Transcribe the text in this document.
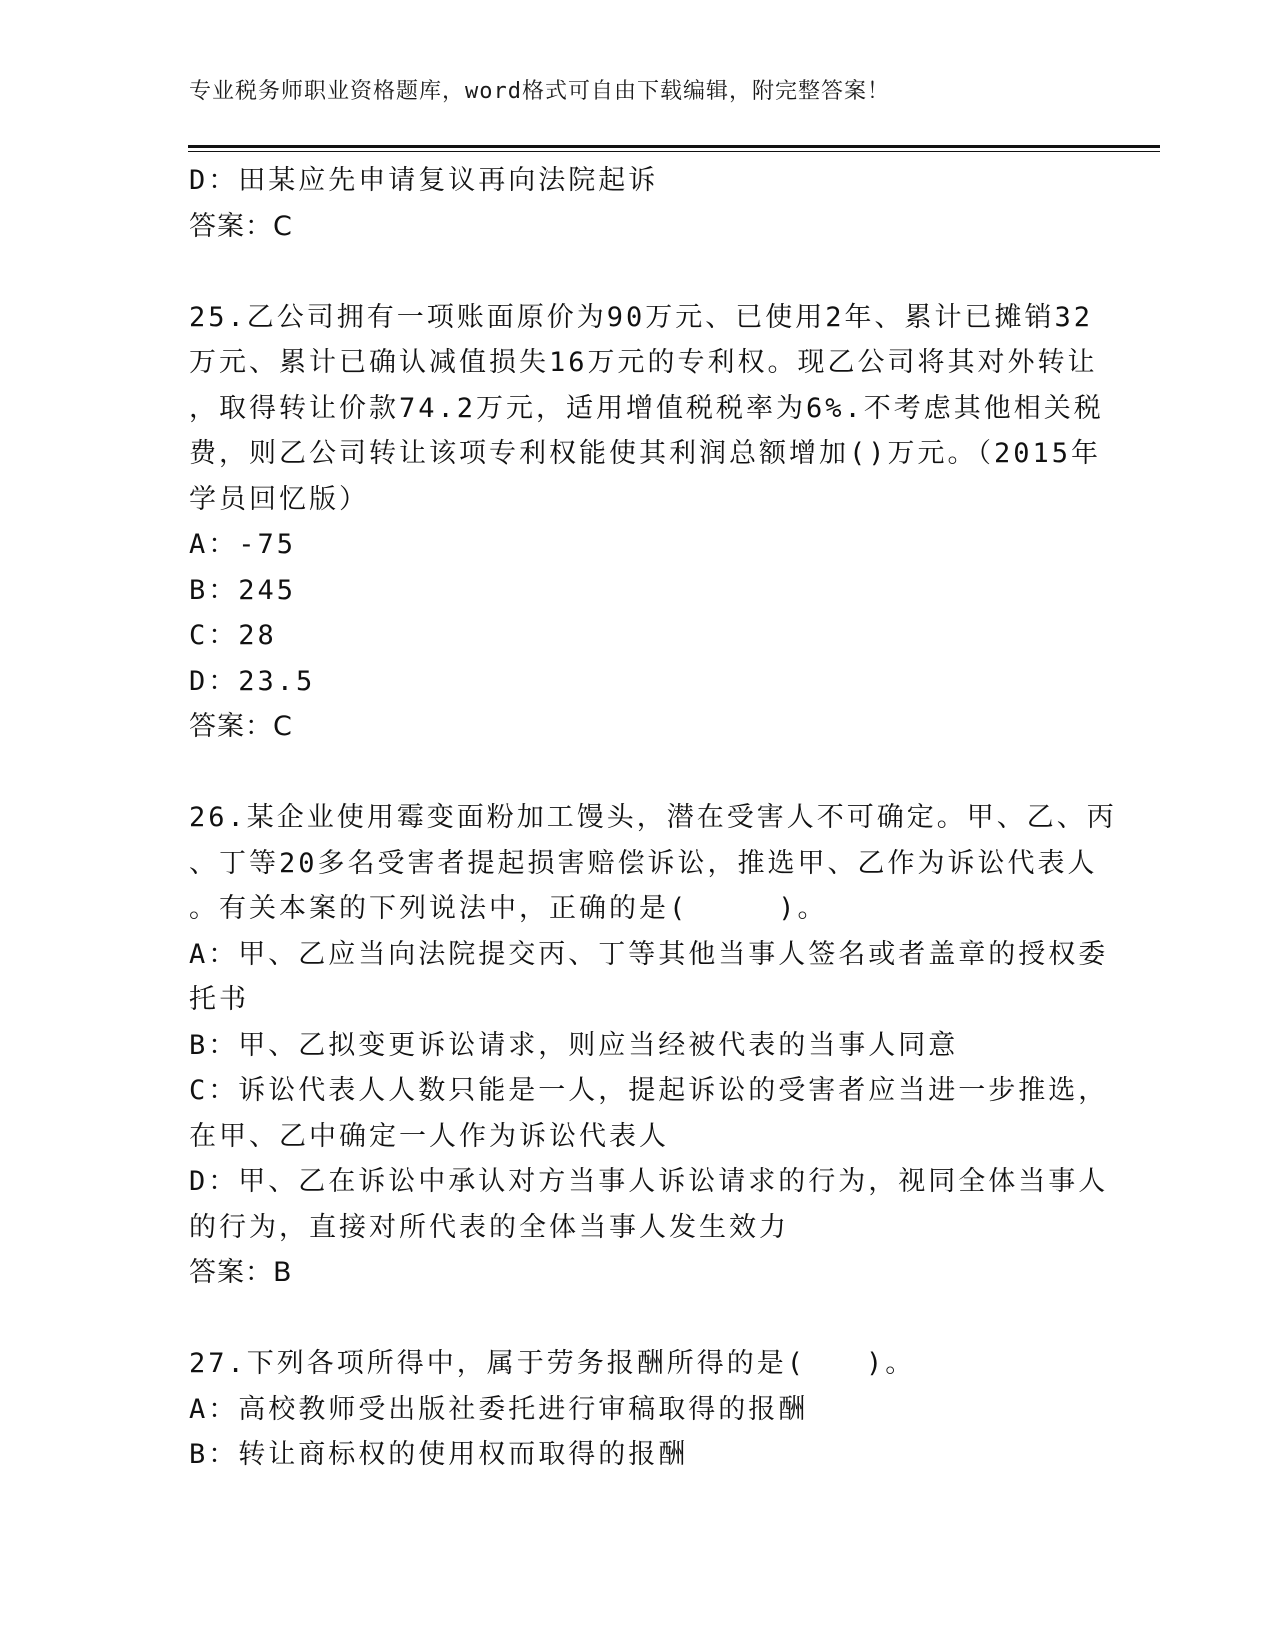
专业税务师职业资格题库，word格式可自由下载编辑，附完整答案！
D：田某应先申请复议再向法院起诉
答案：C
25.乙公司拥有一项账面原价为90万元、已使用2年、累计已摊销32
万元、累计已确认减值损失16万元的专利权。现乙公司将其对外转让
，取得转让价款74.2万元，适用增值税税率为6%.不考虑其他相关税
费，则乙公司转让该项专利权能使其利润总额增加()万元。（2015年
学员回忆版）
A：-75
B：245
C：28
D：23.5
答案：C
26.某企业使用霉变面粉加工馒头，潜在受害人不可确定。甲、乙、丙
、丁等20多名受害者提起损害赔偿诉讼，推选甲、乙作为诉讼代表人
。有关本案的下列说法中，正确的是(　　　)。
A：甲、乙应当向法院提交丙、丁等其他当事人签名或者盖章的授权委
托书
B：甲、乙拟变更诉讼请求，则应当经被代表的当事人同意
C：诉讼代表人人数只能是一人，提起诉讼的受害者应当进一步推选，
在甲、乙中确定一人作为诉讼代表人
D：甲、乙在诉讼中承认对方当事人诉讼请求的行为，视同全体当事人
的行为，直接对所代表的全体当事人发生效力
答案：B
27.下列各项所得中，属于劳务报酬所得的是(　　)。
A：高校教师受出版社委托进行审稿取得的报酬
B：转让商标权的使用权而取得的报酬
